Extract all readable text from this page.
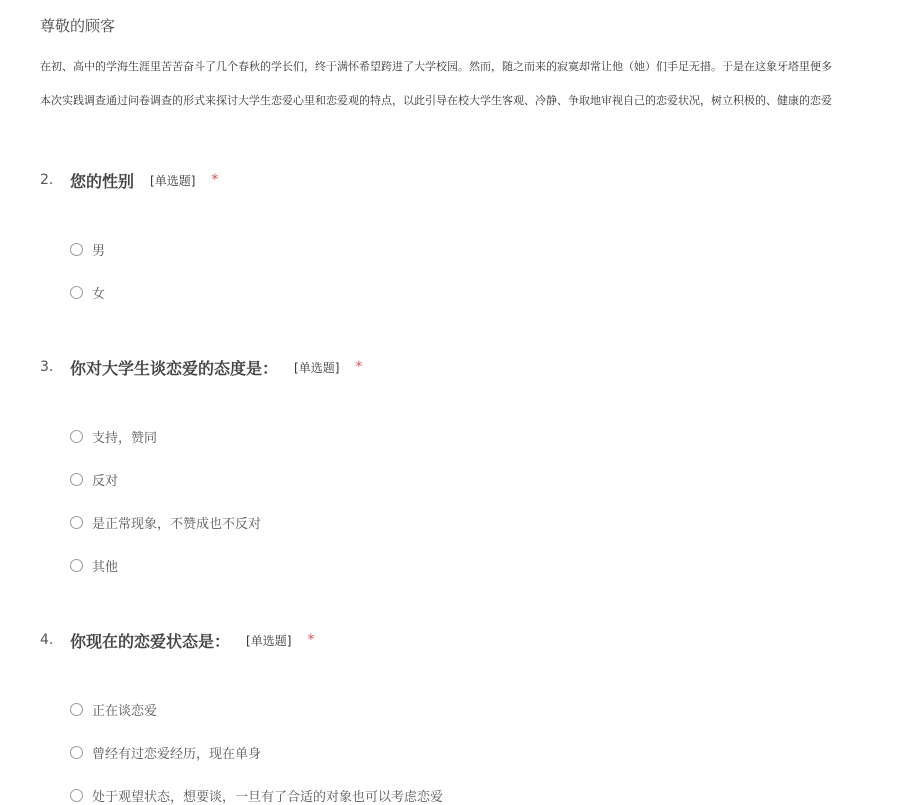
尊敬的顾客
在初、高中的学海生涯里苦苦奋斗了几个春秋的学长们，终于满怀希望跨进了大学校园。然而，随之而来的寂寞却常让他（她）们手足无措。于是在这象牙塔里便多
本次实践调查通过问卷调查的形式来探讨大学生恋爱心里和恋爱观的特点，以此引导在校大学生客观、冷静、争取地审视自己的恋爱状况，树立积极的、健康的恋爱
2.	您的性别 [单选题] *
男
女
3.	你对大学生谈恋爱的态度是： [单选题] *
支持，赞同
反对
是正常现象，不赞成也不反对
其他
4.	你现在的恋爱状态是： [单选题] *
正在谈恋爱
曾经有过恋爱经历，现在单身
处于观望状态，想要谈，一旦有了合适的对象也可以考虑恋爱
